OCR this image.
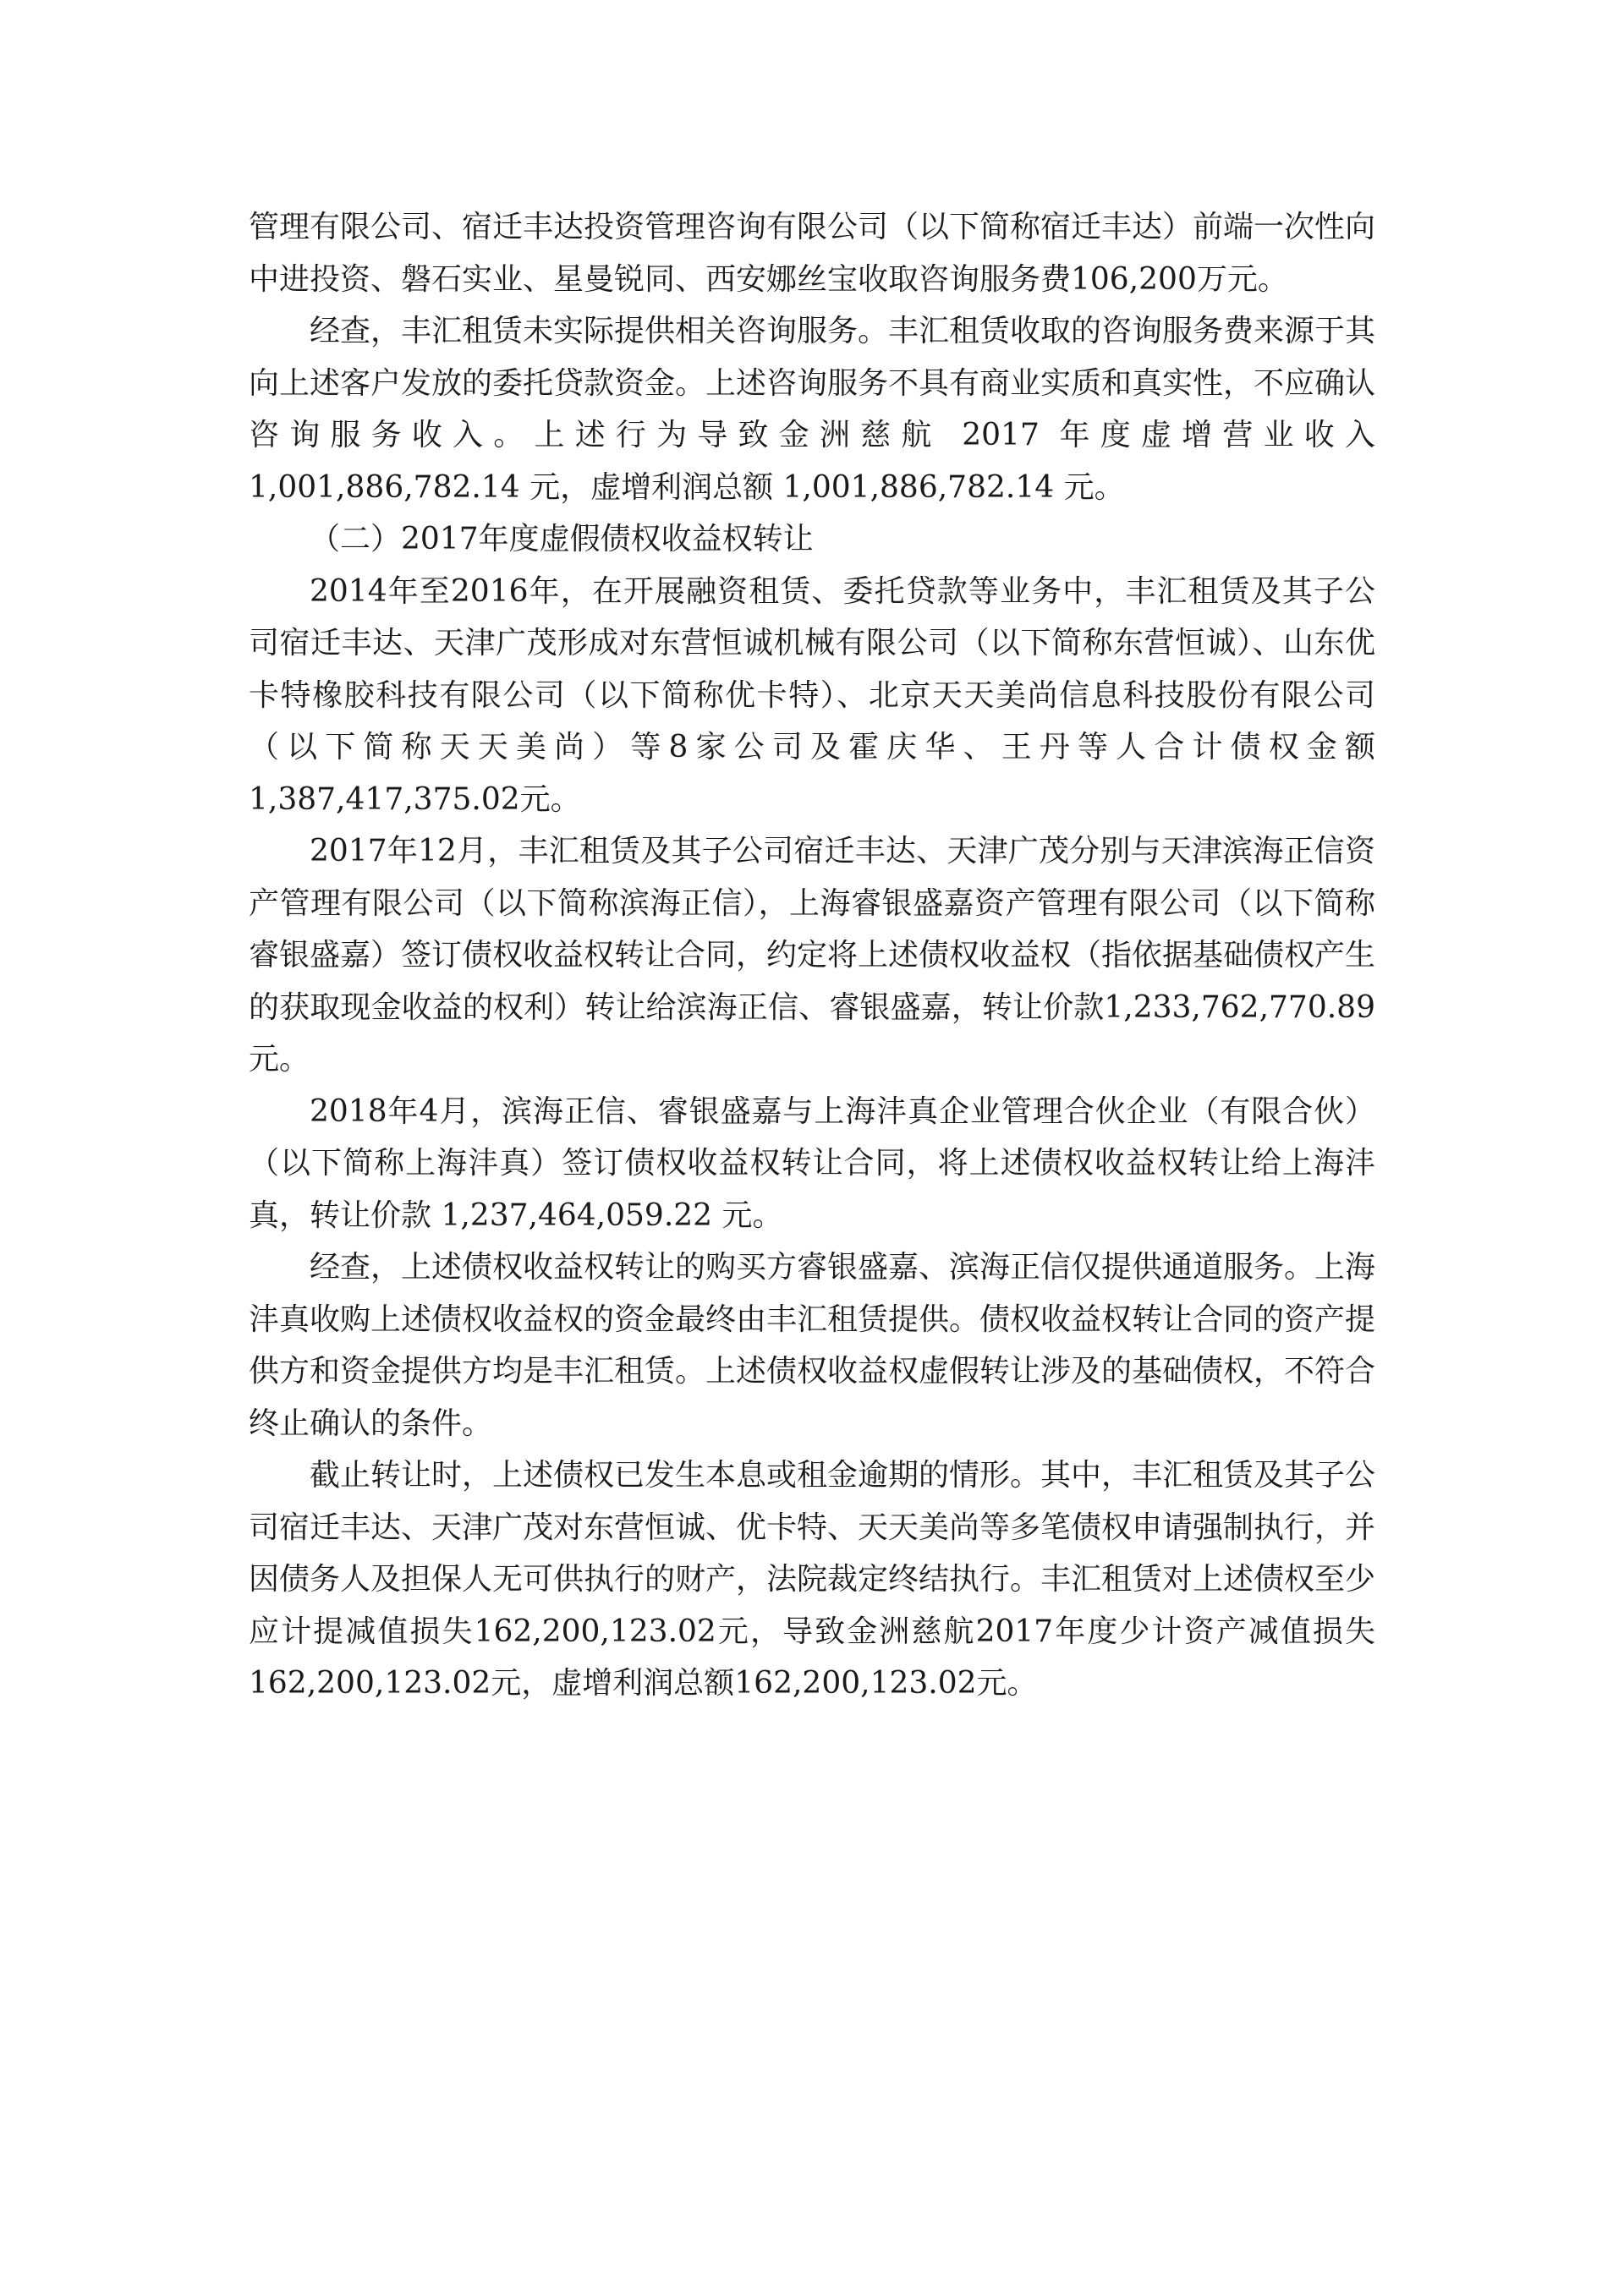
管理有限公司、宿迁丰达投资管理咨询有限公司（以下简称宿迁丰达）前端一次性向中进投资、磐石实业、星曼锐同、西安娜丝宝收取咨询服务费106,200万元。

经查，丰汇租赁未实际提供相关咨询服务。丰汇租赁收取的咨询服务费来源于其向上述客户发放的委托贷款资金。上述咨询服务不具有商业实质和真实性，不应确认咨询服务收入。上述行为导致金洲慈航 2017 年度虚增营业收入 1,001,886,782.14 元，虚增利润总额 1,001,886,782.14 元。

（二）2017年度虚假债权收益权转让

2014年至2016年，在开展融资租赁、委托贷款等业务中，丰汇租赁及其子公司宿迁丰达、天津广茂形成对东营恒诚机械有限公司（以下简称东营恒诚）、山东优卡特橡胶科技有限公司（以下简称优卡特）、北京天天美尚信息科技股份有限公司（以下简称天天美尚）等8家公司及霍庆华、王丹等人合计债权金额1,387,417,375.02元。

2017年12月，丰汇租赁及其子公司宿迁丰达、天津广茂分别与天津滨海正信资产管理有限公司（以下简称滨海正信），上海睿银盛嘉资产管理有限公司（以下简称睿银盛嘉）签订债权收益权转让合同，约定将上述债权收益权（指依据基础债权产生的获取现金收益的权利）转让给滨海正信、睿银盛嘉，转让价款1,233,762,770.89元。

2018年4月，滨海正信、睿银盛嘉与上海沣真企业管理合伙企业（有限合伙）（以下简称上海沣真）签订债权收益权转让合同，将上述债权收益权转让给上海沣真，转让价款 1,237,464,059.22 元。

经查，上述债权收益权转让的购买方睿银盛嘉、滨海正信仅提供通道服务。上海沣真收购上述债权收益权的资金最终由丰汇租赁提供。债权收益权转让合同的资产提供方和资金提供方均是丰汇租赁。上述债权收益权虚假转让涉及的基础债权，不符合终止确认的条件。

截止转让时，上述债权已发生本息或租金逾期的情形。其中，丰汇租赁及其子公司宿迁丰达、天津广茂对东营恒诚、优卡特、天天美尚等多笔债权申请强制执行，并因债务人及担保人无可供执行的财产，法院裁定终结执行。丰汇租赁对上述债权至少应计提减值损失162,200,123.02元，导致金洲慈航2017年度少计资产减值损失162,200,123.02元，虚增利润总额162,200,123.02元。
